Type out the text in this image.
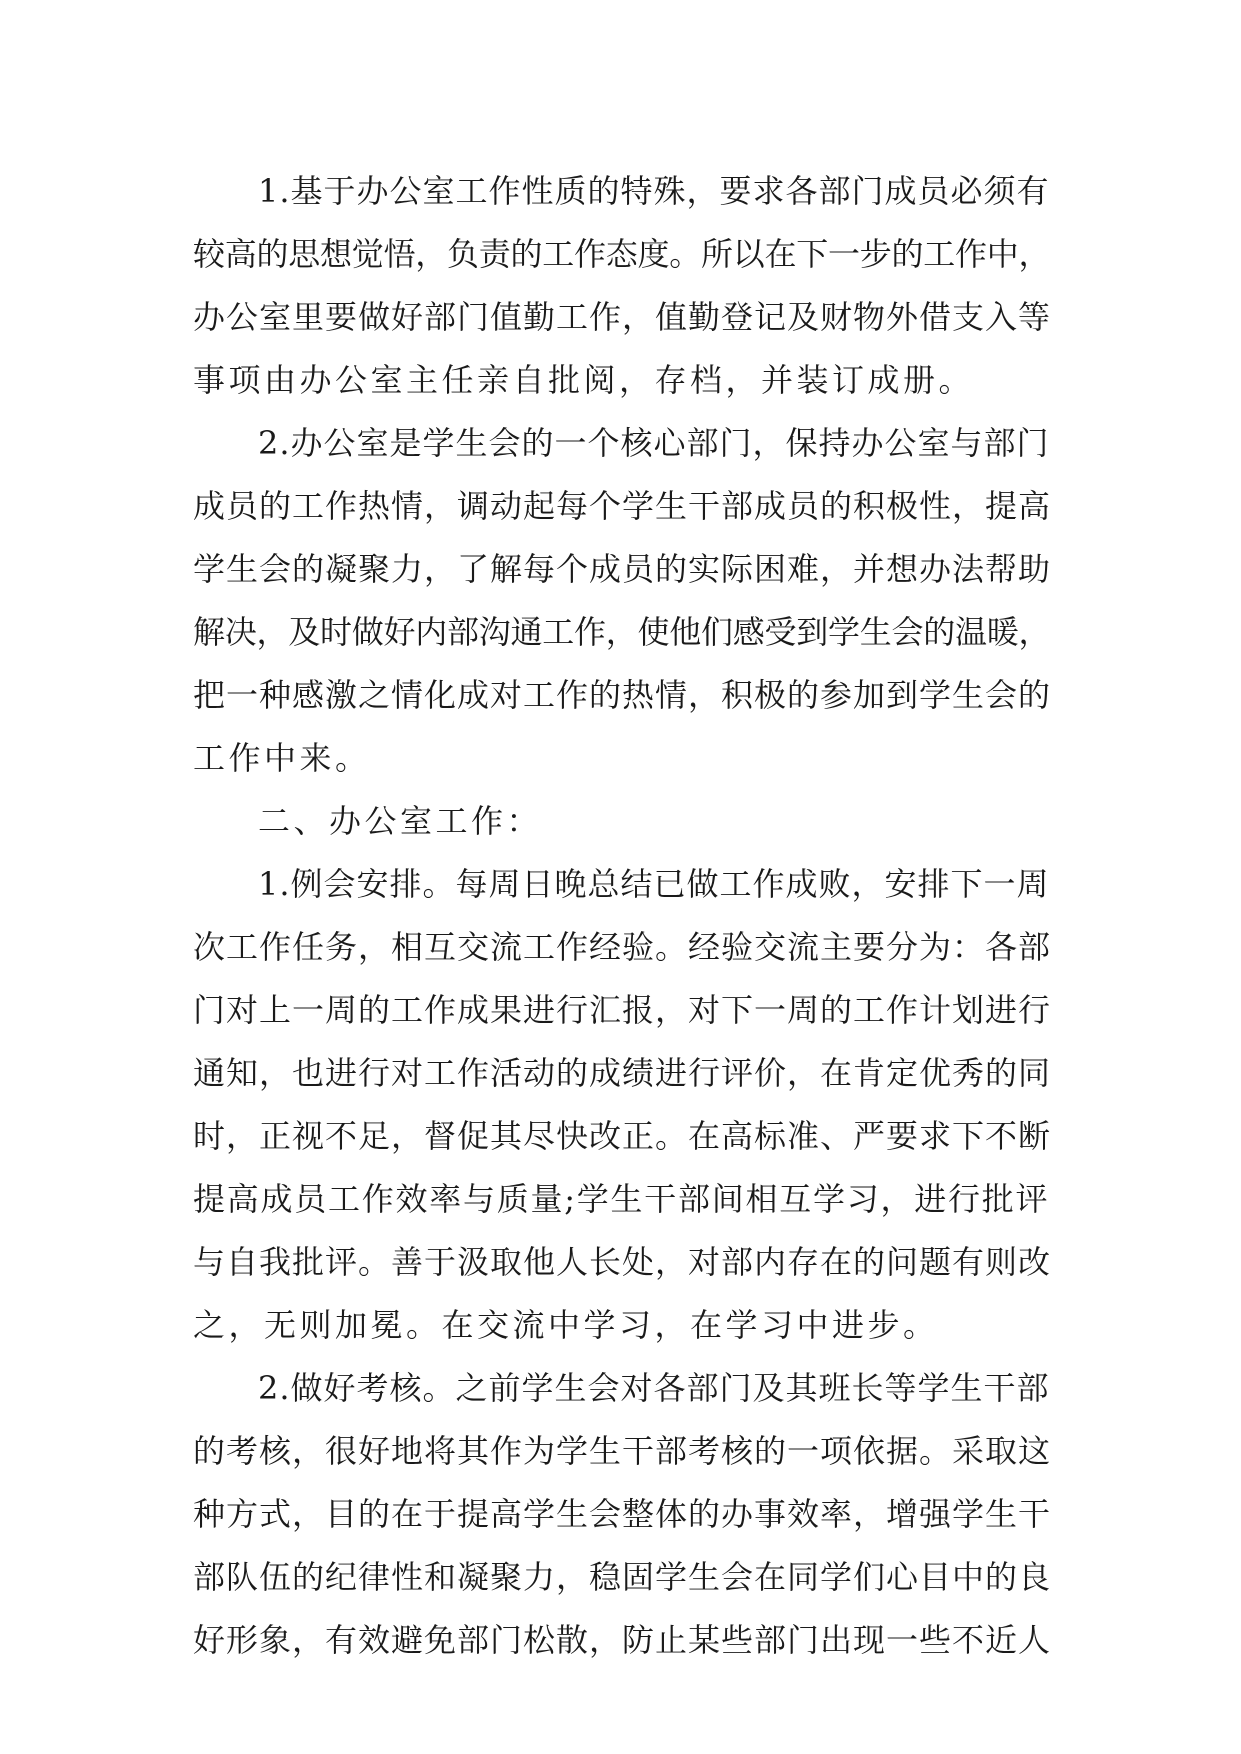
1.基于办公室工作性质的特殊，要求各部门成员必须有
较高的思想觉悟，负责的工作态度。所以在下一步的工作中，
办公室里要做好部门值勤工作，值勤登记及财物外借支入等
事项由办公室主任亲自批阅，存档，并装订成册。
2.办公室是学生会的一个核心部门，保持办公室与部门
成员的工作热情，调动起每个学生干部成员的积极性，提高
学生会的凝聚力，了解每个成员的实际困难，并想办法帮助
解决，及时做好内部沟通工作，使他们感受到学生会的温暖，
把一种感激之情化成对工作的热情，积极的参加到学生会的
工作中来。
二、办公室工作：
1.例会安排。每周日晚总结已做工作成败，安排下一周
次工作任务，相互交流工作经验。经验交流主要分为：各部
门对上一周的工作成果进行汇报，对下一周的工作计划进行
通知，也进行对工作活动的成绩进行评价，在肯定优秀的同
时，正视不足，督促其尽快改正。在高标准、严要求下不断
提高成员工作效率与质量;学生干部间相互学习，进行批评
与自我批评。善于汲取他人长处，对部内存在的问题有则改
之，无则加冕。在交流中学习，在学习中进步。
2.做好考核。之前学生会对各部门及其班长等学生干部
的考核，很好地将其作为学生干部考核的一项依据。采取这
种方式，目的在于提高学生会整体的办事效率，增强学生干
部队伍的纪律性和凝聚力，稳固学生会在同学们心目中的良
好形象，有效避免部门松散，防止某些部门出现一些不近人
